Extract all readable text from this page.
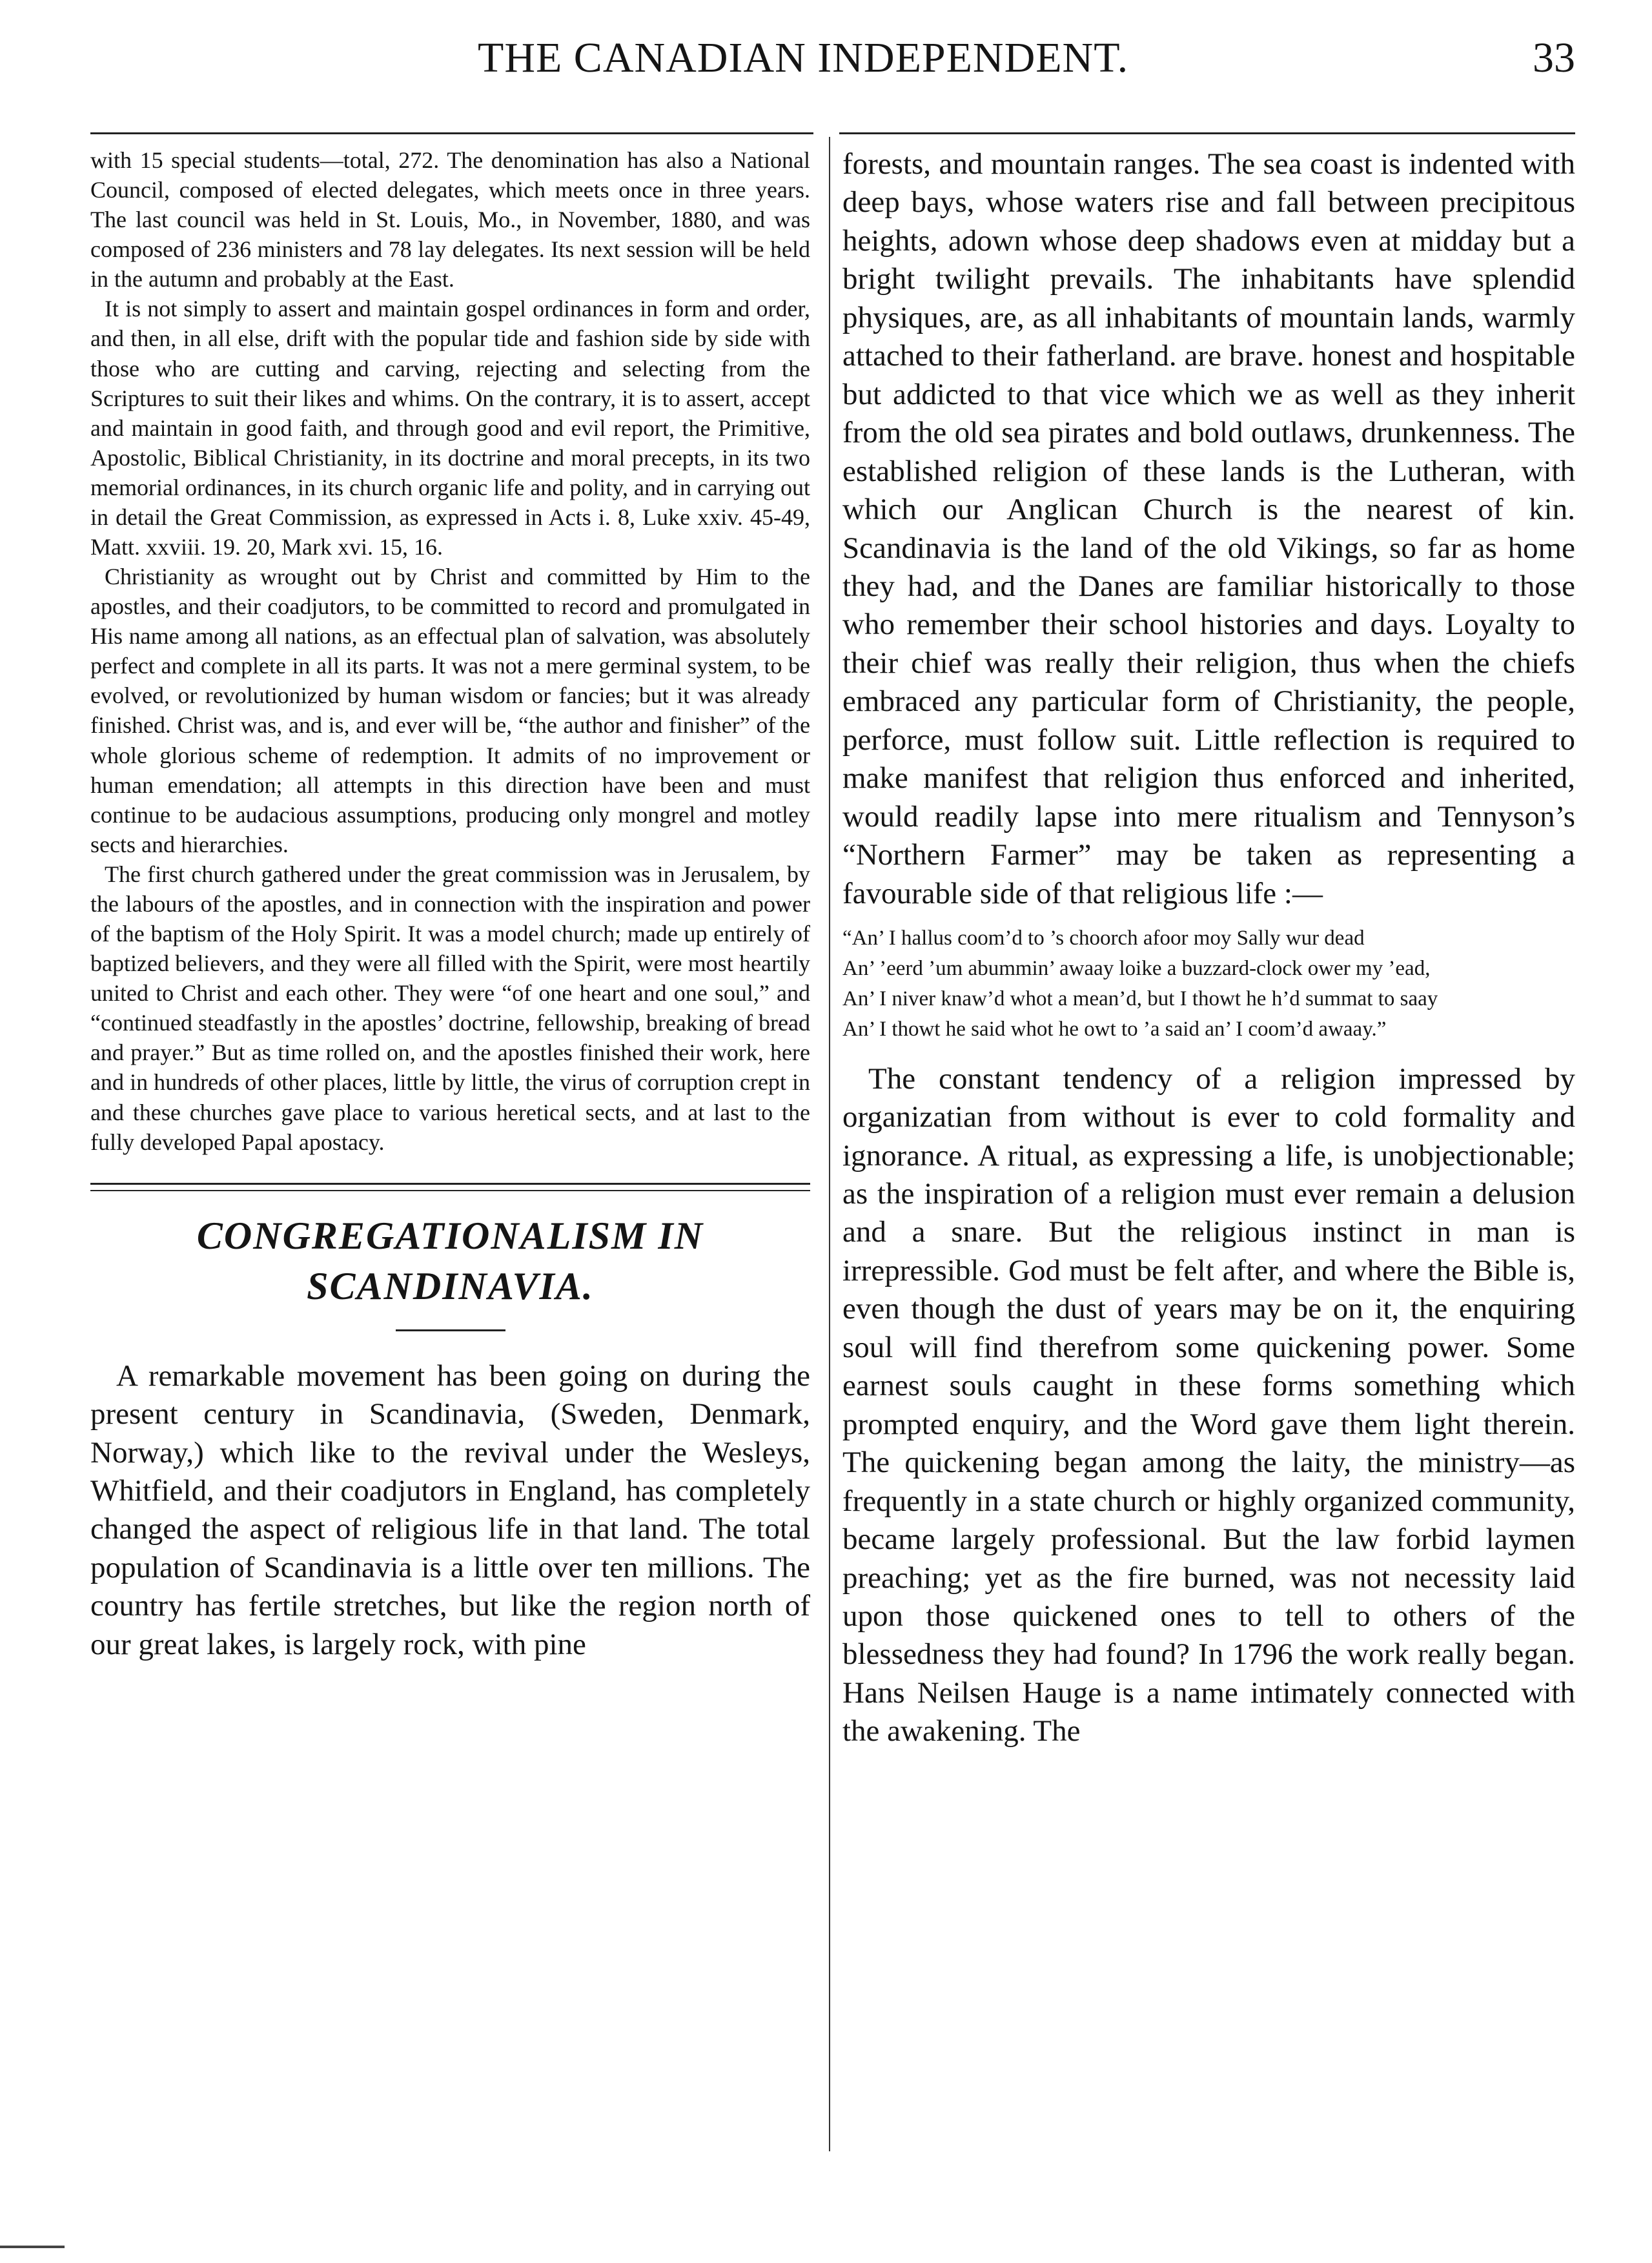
THE CANADIAN INDEPENDENT.	33

with 15 special students—total, 272. The denomination has also a National Council, composed of elected delegates, which meets once in three years. The last council was held in St. Louis, Mo., in November, 1880, and was composed of 236 ministers and 78 lay delegates. Its next session will be held in the autumn and probably at the East.

It is not simply to assert and maintain gospel ordinances in form and order, and then, in all else, drift with the popular tide and fashion side by side with those who are cutting and carving, rejecting and selecting from the Scriptures to suit their likes and whims. On the contrary, it is to assert, accept and maintain in good faith, and through good and evil report, the Primitive, Apostolic, Biblical Christianity, in its doctrine and moral precepts, in its two memorial ordinances, in its church organic life and polity, and in carrying out in detail the Great Commission, as expressed in Acts i. 8, Luke xxiv. 45-49, Matt. xxviii. 19. 20, Mark xvi. 15, 16.

Christianity as wrought out by Christ and committed by Him to the apostles, and their coadjutors, to be committed to record and promulgated in His name among all nations, as an effectual plan of salvation, was absolutely perfect and complete in all its parts. It was not a mere germinal system, to be evolved, or revolutionized by human wisdom or fancies; but it was already finished. Christ was, and is, and ever will be, “the author and finisher” of the whole glorious scheme of redemption. It admits of no improvement or human emendation; all attempts in this direction have been and must continue to be audacious assumptions, producing only mongrel and motley sects and hierarchies.

The first church gathered under the great commission was in Jerusalem, by the labours of the apostles, and in connection with the inspiration and power of the baptism of the Holy Spirit. It was a model church; made up entirely of baptized believers, and they were all filled with the Spirit, were most heartily united to Christ and each other. They were “of one heart and one soul,” and “continued steadfastly in the apostles’ doctrine, fellowship, breaking of bread and prayer.” But as time rolled on, and the apostles finished their work, here and in hundreds of other places, little by little, the virus of corruption crept in and these churches gave place to various heretical sects, and at last to the fully developed Papal apostacy.

CONGREGATIONALISM IN SCANDINAVIA.

A remarkable movement has been going on during the present century in Scandinavia, (Sweden, Denmark, Norway,) which like to the revival under the Wesleys, Whitfield, and their coadjutors in England, has completely changed the aspect of religious life in that land. The total population of Scandinavia is a little over ten millions. The country has fertile stretches, but like the region north of our great lakes, is largely rock, with pine

forests, and mountain ranges. The sea coast is indented with deep bays, whose waters rise and fall between precipitous heights, adown whose deep shadows even at midday but a bright twilight prevails. The inhabitants have splendid physiques, are, as all inhabitants of mountain lands, warmly attached to their fatherland. are brave. honest and hospitable but addicted to that vice which we as well as they inherit from the old sea pirates and bold outlaws, drunkenness. The established religion of these lands is the Lutheran, with which our Anglican Church is the nearest of kin. Scandinavia is the land of the old Vikings, so far as home they had, and the Danes are familiar historically to those who remember their school histories and days. Loyalty to their chief was really their religion, thus when the chiefs embraced any particular form of Christianity, the people, perforce, must follow suit. Little reflection is required to make manifest that religion thus enforced and inherited, would readily lapse into mere ritualism and Tennyson’s “Northern Farmer” may be taken as representing a favourable side of that religious life :—

“An’ I hallus coom’d to ’s choorch afoor moy Sally wur dead

An’ ’eerd ’um abummin’ awaay loike a buzzard-clock ower my ’ead,

An’ I niver knaw’d whot a mean’d, but I thowt he h’d summat to saay

An’ I thowt he said whot he owt to ’a said an’ I coom’d awaay.”

The constant tendency of a religion impressed by organizatian from without is ever to cold formality and ignorance. A ritual, as expressing a life, is unobjectionable; as the inspiration of a religion must ever remain a delusion and a snare. But the religious instinct in man is irrepressible. God must be felt after, and where the Bible is, even though the dust of years may be on it, the enquiring soul will find therefrom some quickening power. Some earnest souls caught in these forms something which prompted enquiry, and the Word gave them light therein. The quickening began among the laity, the ministry—as frequently in a state church or highly organized community, became largely professional. But the law forbid laymen preaching; yet as the fire burned, was not necessity laid upon those quickened ones to tell to others of the blessedness they had found? In 1796 the work really began. Hans Neilsen Hauge is a name intimately connected with the awakening. The
